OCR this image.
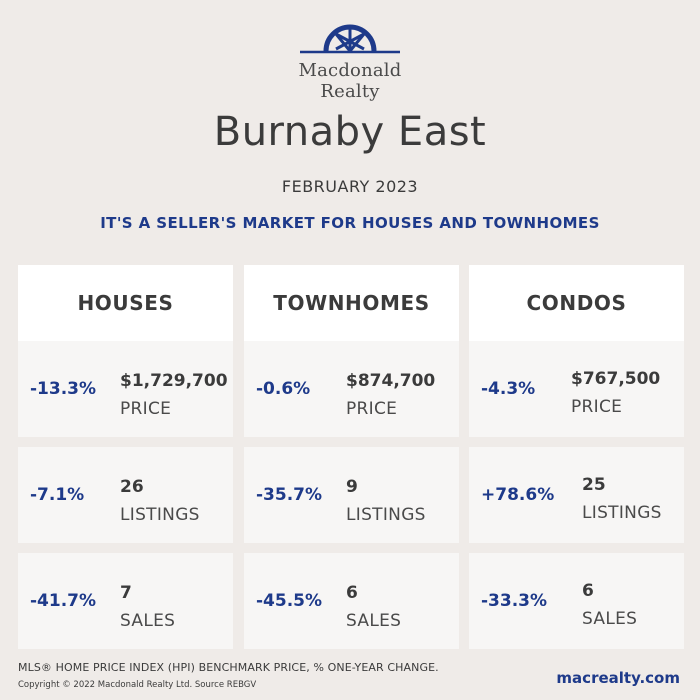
Macdonald
Realty
Burnaby East
FEBRUARY 2023
IT'S A SELLER'S MARKET FOR HOUSES AND TOWNHOMES
HOUSES
-13.3% $1,729,700
PRICE
-7.1% 26
LISTINGS
-41.7% 7
SALES
TOWNHOMES
-0.6% $874,700
PRICE
-35.7% 9
LISTINGS
-45.5% 6
SALES
CONDOS
-4.3% $767,500
PRICE
+78.6% 25
LISTINGS
-33.3% 6
SALES
MLS® HOME PRICE INDEX (HPI) BENCHMARK PRICE, % ONE-YEAR CHANGE.
Copyright © 2022 Macdonald Realty Ltd. Source REBGV	macrealty.com
